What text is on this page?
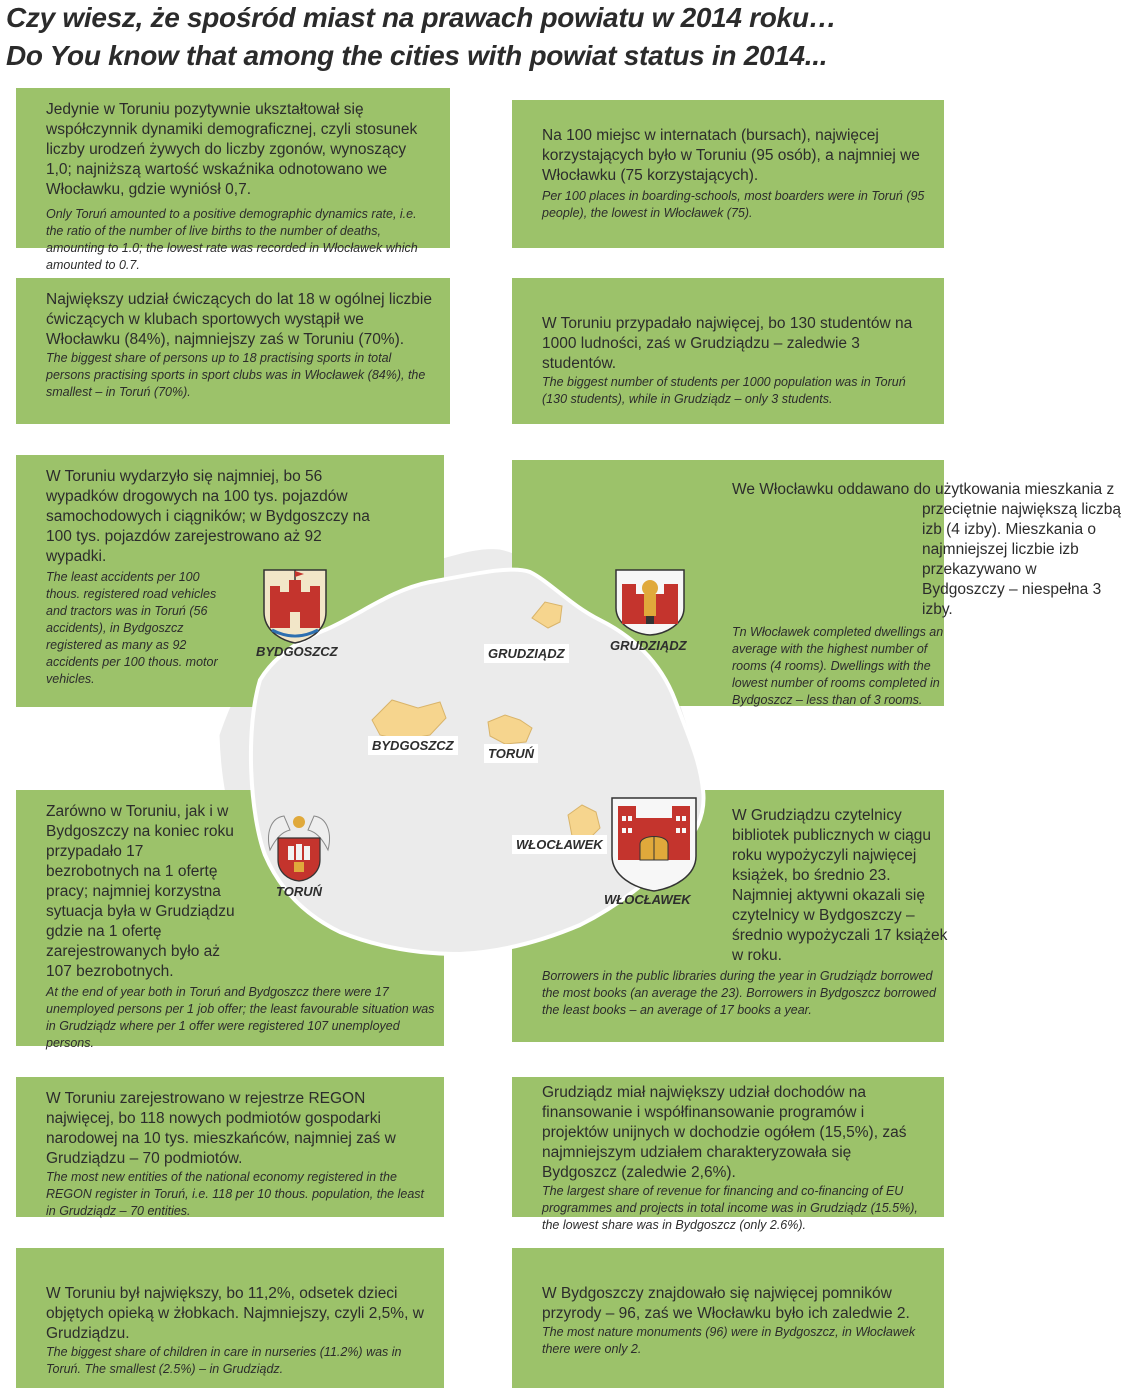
Czy wiesz, że spośród miast na prawach powiatu w 2014 roku…
Do You know that among the cities with powiat status in 2014...

Jedynie w Toruniu pozytywnie ukształtował się współczynnik dynamiki demograficznej, czyli stosunek liczby urodzeń żywych do liczby zgonów, wynoszący 1,0; najniższą wartość wskaźnika odnotowano we Włocławku, gdzie wyniósł 0,7.

Only Toruń amounted to a positive demographic dynamics rate, i.e. the ratio of the number of live births to the number of deaths, amounting to 1.0; the lowest rate was recorded in Włocławek which amounted to 0.7.

Na 100 miejsc w internatach (bursach), najwięcej korzystających było w Toruniu (95 osób), a najmniej we Włocławku (75 korzystających).

Per 100 places in boarding-schools, most boarders were in Toruń (95 people), the lowest in Włocławek (75).

Największy udział ćwiczących do lat 18 w ogólnej liczbie ćwiczących w klubach sportowych wystąpił we Włocławku (84%), najmniejszy zaś w Toruniu (70%).

The biggest share of persons up to 18 practising sports in total persons practising sports in sport clubs was in Włocławek (84%), the smallest – in Toruń (70%).

W Toruniu przypadało najwięcej, bo 130 studentów na 1000 ludności, zaś w Grudziądzu – zaledwie 3 studentów.

The biggest number of students per 1000 population was in Toruń (130 students), while in Grudziądz – only 3 students.

W Toruniu wydarzyło się najmniej, bo 56 wypadków drogowych na 100 tys. pojazdów samochodowych i ciągników; w Bydgoszczy na 100 tys. pojazdów zarejestrowano aż 92 wypadki.

The least accidents per 100 thous. registered road vehicles and tractors was in Toruń (56 accidents), in Bydgoszcz registered as many as 92 accidents per 100 thous. motor vehicles.

We Włocławku oddawano do użytkowania mieszkania z przeciętnie największą liczbą izb (4 izby). Mieszkania o najmniejszej liczbie izb przekazywano w Bydgoszczy – niespełna 3 izby.

Tn Włocławek completed dwellings an average with the highest number of rooms (4 rooms). Dwellings with the lowest number of rooms completed in Bydgoszcz – less than of 3 rooms.

Zarówno w Toruniu, jak i w Bydgoszczy na koniec roku przypadało 17 bezrobotnych na 1 ofertę pracy; najmniej korzystna sytuacja była w Grudziądzu gdzie na 1 ofertę zarejestrowanych było aż 107 bezrobotnych.

At the end of year both in Toruń and Bydgoszcz there were 17 unemployed persons per 1 job offer; the least favourable situation was in Grudziądz where per 1 offer were registered 107 unemployed persons.

W Grudziądzu czytelnicy bibliotek publicznych w ciągu roku wypożyczyli najwięcej książek, bo średnio 23. Najmniej aktywni okazali się czytelnicy w Bydgoszczy – średnio wypożyczali 17 książek w roku.

Borrowers in the public libraries during the year in Grudziądz borrowed the most books (an average the 23). Borrowers in Bydgoszcz borrowed the least books – an average of 17 books a year.

W Toruniu zarejestrowano w rejestrze REGON najwięcej, bo 118 nowych podmiotów gospodarki narodowej na 10 tys. mieszkańców, najmniej zaś w Grudziądzu – 70 podmiotów.

The most new entities of the national economy registered in the REGON register in Toruń, i.e. 118 per 10 thous. population, the least in Grudziądz – 70 entities.

Grudziądz miał największy udział dochodów na finansowanie i współfinansowanie programów i projektów unijnych w dochodzie ogółem (15,5%), zaś najmniejszym udziałem charakteryzowała się Bydgoszcz (zaledwie 2,6%).

The largest share of revenue for financing and co-financing of EU programmes and projects in total income was in Grudziądz (15.5%), the lowest share was in Bydgoszcz (only 2.6%).

W Toruniu był największy, bo 11,2%, odsetek dzieci objętych opieką w żłobkach. Najmniejszy, czyli 2,5%, w Grudziądzu.

The biggest share of children in care in nurseries (11.2%) was in Toruń. The smallest (2.5%) – in Grudziądz.

W Bydgoszczy znajdowało się najwięcej pomników przyrody – 96, zaś we Włocławku było ich zaledwie 2.

The most nature monuments (96) were in Bydgoszcz, in Włocławek there were only 2.

GRUDZIĄDZ
BYDGOSZCZ
TORUŃ
WŁOCŁAWEK
BYDGOSZCZ	GRUDZIĄDZ
TORUŃ
WŁOCŁAWEK
